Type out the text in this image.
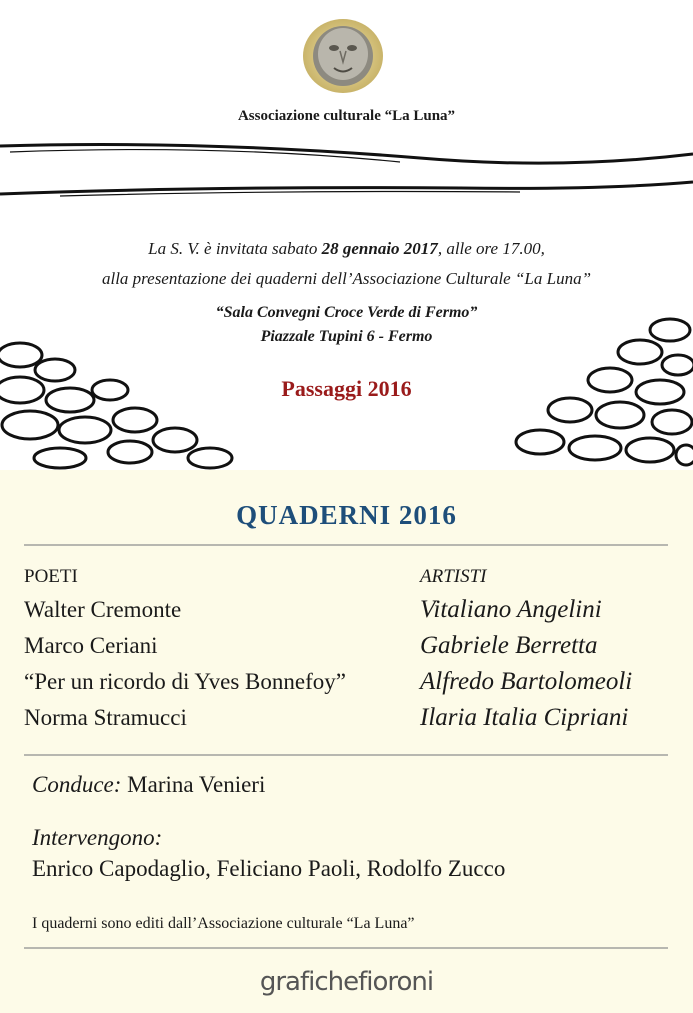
Associazione culturale “La Luna”
La S. V. è invitata sabato 28 gennaio 2017, alle ore 17.00,
alla presentazione dei quaderni dell’Associazione Culturale “La Luna”
“Sala Convegni Croce Verde di Fermo”
Piazzale Tupini 6 - Fermo
Passaggi 2016
QUADERNI 2016
POETI
Walter Cremonte
Marco Ceriani
“Per un ricordo di Yves Bonnefoy”
Norma Stramucci
ARTISTI
Vitaliano Angelini
Gabriele Berretta
Alfredo Bartolomeoli
Ilaria Italia Cipriani
Conduce: Marina Venieri
Intervengono:
Enrico Capodaglio, Feliciano Paoli, Rodolfo Zucco
I quaderni sono editi dall’Associazione culturale “La Luna”
grafichefioroni
